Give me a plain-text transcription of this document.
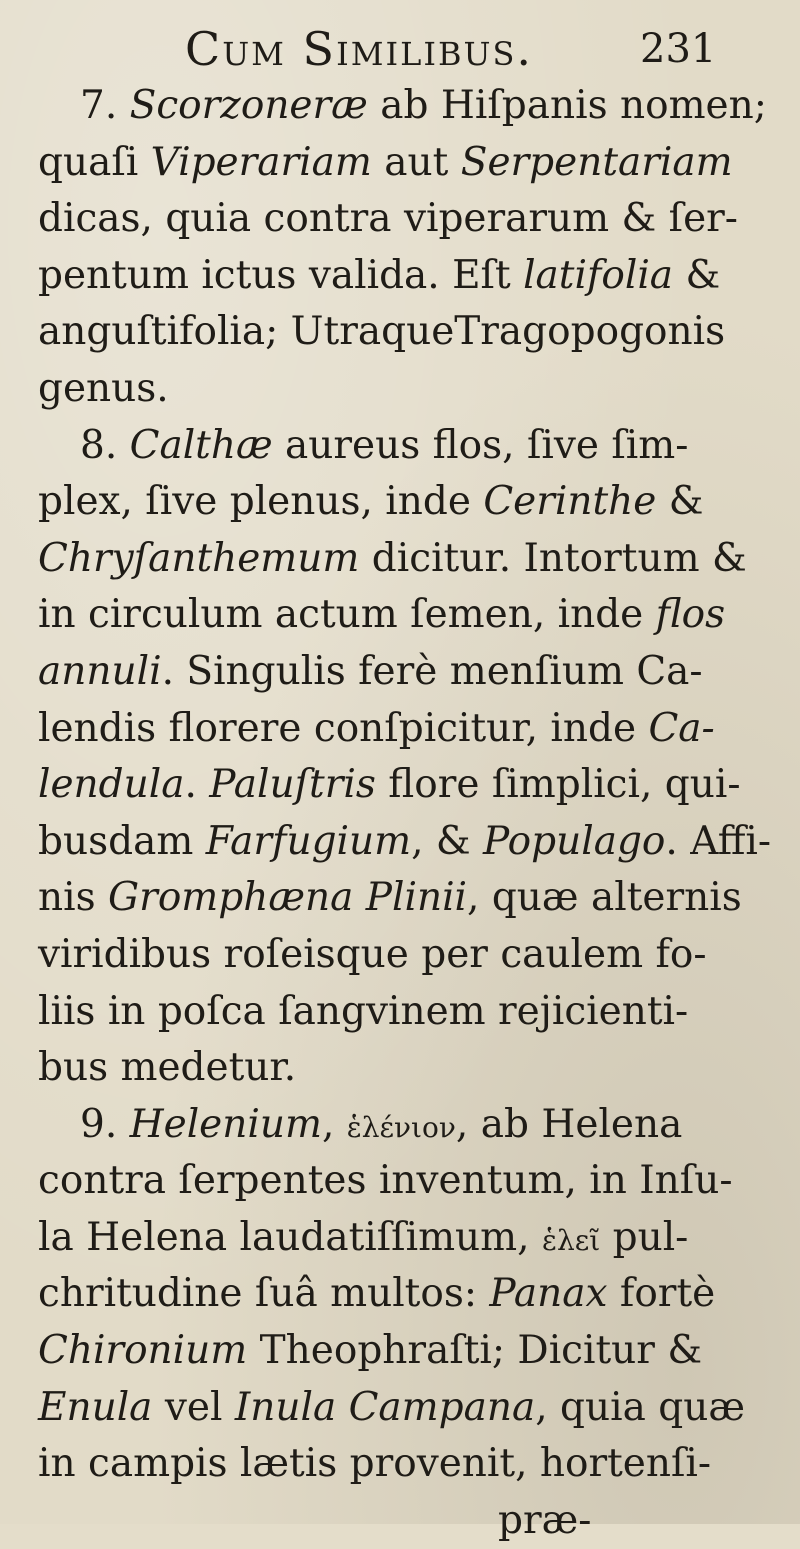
Cum Similibus.	231
7. Scorzoneræ ab Hiſpanis nomen;
quaſi Viperariam aut Serpentariam
dicas, quia contra viperarum & ſer-
pentum ictus valida. Eſt latifolia &
anguſtifolia; UtraqueTragopogonis
genus.
8. Calthæ aureus flos, ſive ſim-
plex, ſive plenus, inde Cerinthe &
Chryſanthemum dicitur. Intortum &
in circulum actum ſemen, inde flos
annuli. Singulis ferè menſium Ca-
lendis florere conſpicitur, inde Ca-
lendula. Paluſtris flore ſimplici, qui-
busdam Farfugium, & Populago. Affi-
nis Gromphæna Plinii, quæ alternis
viridibus roſeisque per caulem fo-
liis in poſca ſangvinem rejicienti-
bus medetur.
9. Helenium, ἑλένιον, ab Helena
contra ſerpentes inventum, in Inſu-
la Helena laudatiſſimum, ἑλεῖ pul-
chritudine ſuâ multos: Panax fortè
Chironium Theophraſti; Dicitur &
Enula vel Inula Campana, quia quæ
in campis lætis provenit, hortenſi-
præ-
